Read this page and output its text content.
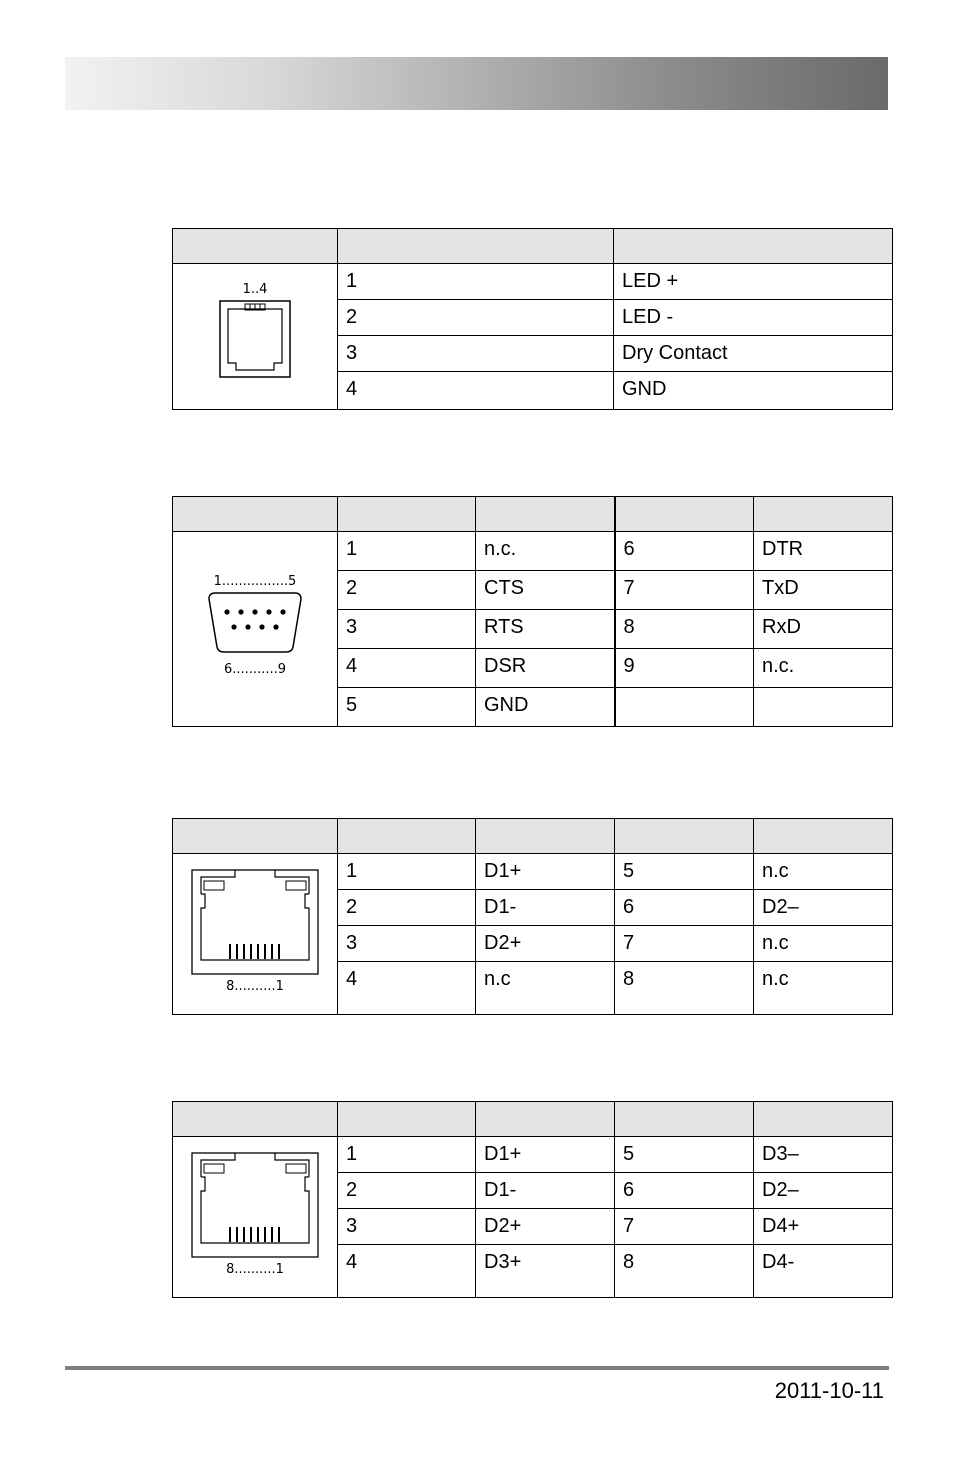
1..4	1	LED +
	2	LED -
	3	Dry Contact
	4	GND

1................5
6...........9	1	n.c.	6	DTR
	2	CTS	7	TxD
	3	RTS	8	RxD
	4	DSR	9	n.c.
	5	GND		

8..........1	1	D1+	5	n.c
	2	D1-	6	D2–
	3	D2+	7	n.c
	4	n.c	8	n.c

8..........1	1	D1+	5	D3–
	2	D1-	6	D2–
	3	D2+	7	D4+
	4	D3+	8	D4-
2011-10-11
